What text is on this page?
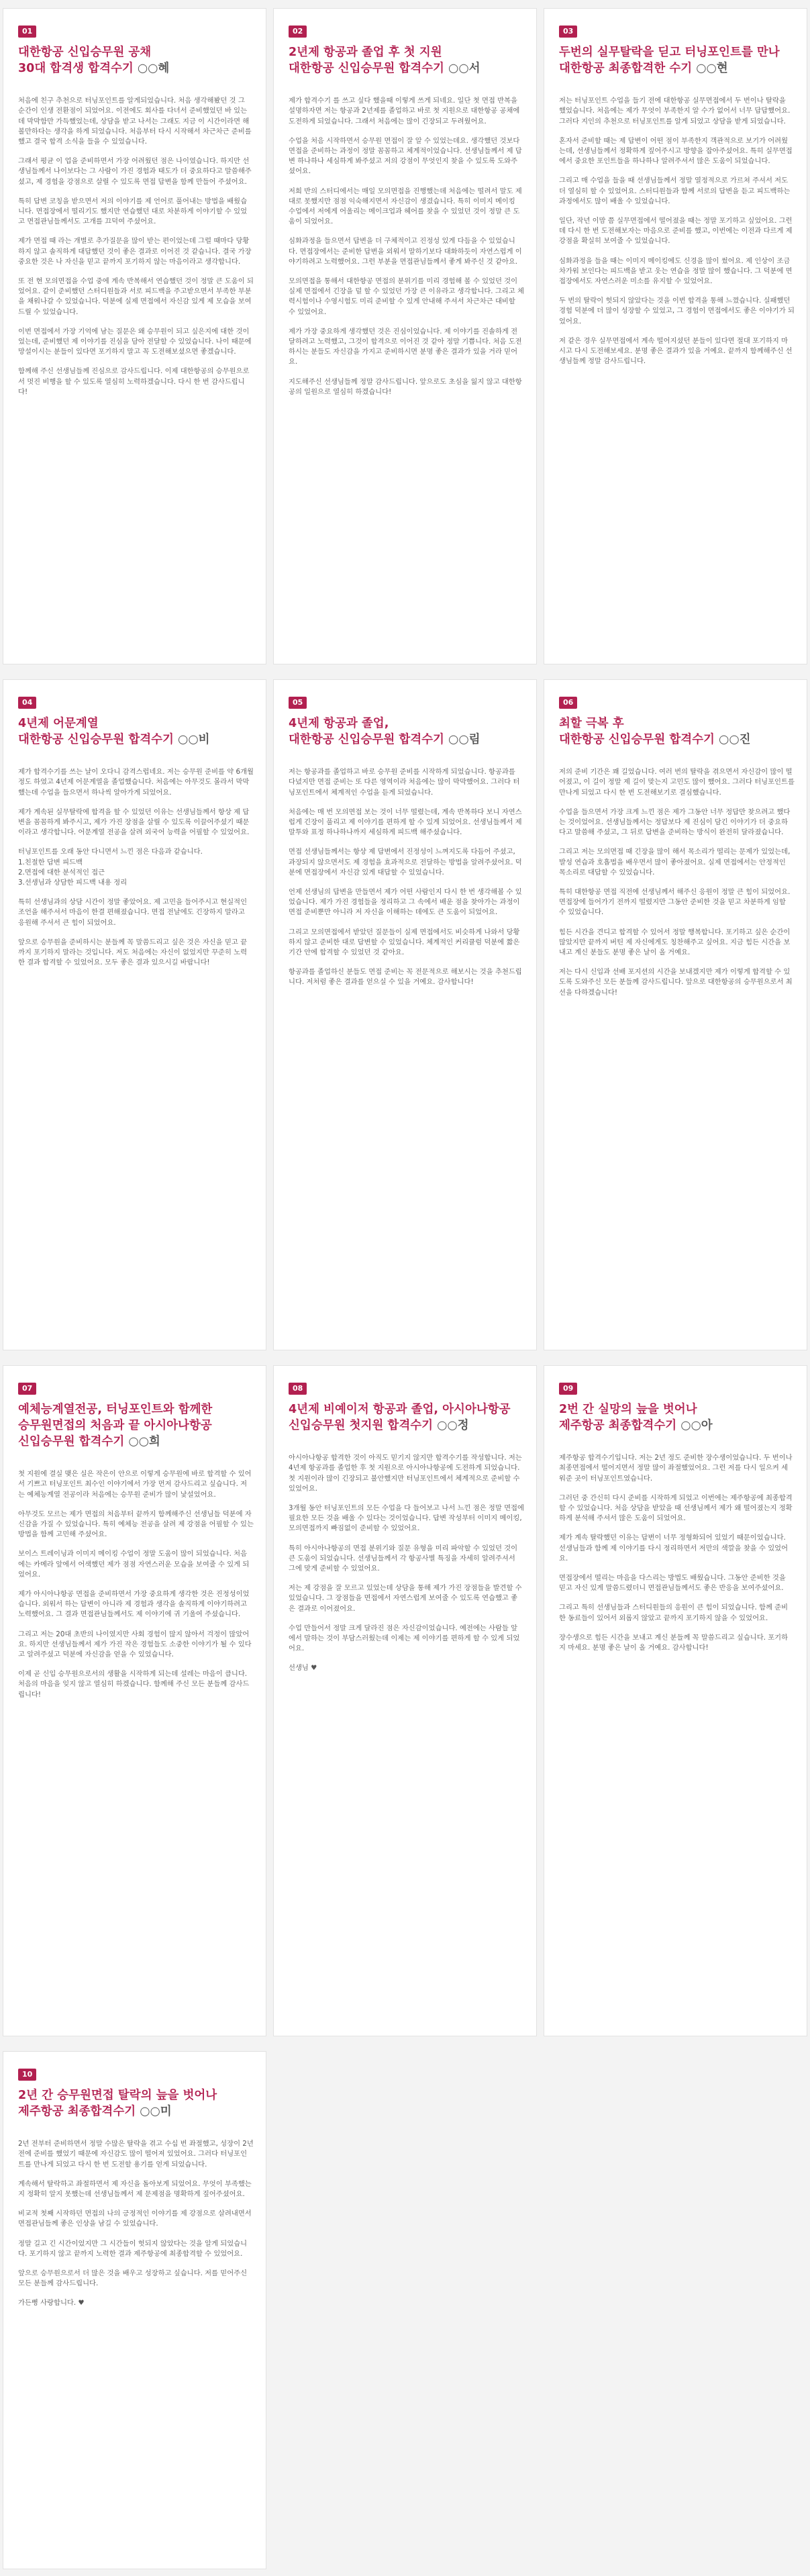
01
대한항공 신입승무원 공채
30대 합격생 합격수기 ○○혜

처음에 친구 추천으로 터닝포인트를 알게되었습니다. 처음 생각해봤던 것 그 순간이 인생 전환점이 되었어요. 이전에도 회사를 다녀서 준비했었던 바 있는데 막막함만 가득했었는데, 상담을 받고 나서는 그래도 지금 이 시간이라면 해볼만하다는 생각을 하게 되었습니다. 처음부터 다시 시작해서 차근차근 준비를 했고 결국 합격 소식을 들을 수 있었습니다.

그래서 평균 이 업을 준비하면서 가장 어려웠던 점은 나이였습니다. 하지만 선생님들께서 나이보다는 그 사람이 가진 경험과 태도가 더 중요하다고 말씀해주셨고, 제 경험을 강점으로 살릴 수 있도록 면접 답변을 함께 만들어 주셨어요.

특히 답변 코칭을 받으면서 저의 이야기를 제 언어로 풀어내는 방법을 배웠습니다. 면접장에서 떨리기도 했지만 연습했던 대로 차분하게 이야기할 수 있었고 면접관님들께서도 고개를 끄덕여 주셨어요.

제가 면접 때 라는 개별로 추가질문을 많이 받는 편이었는데 그럴 때마다 당황하지 않고 솔직하게 대답했던 것이 좋은 결과로 이어진 것 같습니다. 결국 가장 중요한 것은 나 자신을 믿고 끝까지 포기하지 않는 마음이라고 생각합니다.

또 전 현 모의면접을 수업 중에 계속 반복해서 연습했던 것이 정말 큰 도움이 되었어요. 같이 준비했던 스터디원들과 서로 피드백을 주고받으면서 부족한 부분을 채워나갈 수 있었습니다. 덕분에 실제 면접에서 자신감 있게 제 모습을 보여드릴 수 있었습니다.

이번 면접에서 가장 기억에 남는 질문은 왜 승무원이 되고 싶은지에 대한 것이었는데, 준비했던 제 이야기를 진심을 담아 전달할 수 있었습니다. 나이 때문에 망설이시는 분들이 있다면 포기하지 말고 꼭 도전해보셨으면 좋겠습니다.

함께해 주신 선생님들께 진심으로 감사드립니다. 이제 대한항공의 승무원으로서 멋진 비행을 할 수 있도록 열심히 노력하겠습니다. 다시 한 번 감사드립니다!

02
2년제 항공과 졸업 후 첫 지원
대한항공 신입승무원 합격수기 ○○서

제가 합격수기 를 쓰고 싶다 했을때 이렇게 쓰게 되네요. 일단 첫 면접 반복을 설명하자면 저는 항공과 2년제를 졸업하고 바로 첫 지원으로 대한항공 공채에 도전하게 되었습니다. 그래서 처음에는 많이 긴장되고 두려웠어요.

수업을 처음 시작하면서 승무원 면접이 잘 알 수 있었는데요. 생각했던 것보다 면접을 준비하는 과정이 정말 꼼꼼하고 체계적이었습니다. 선생님들께서 제 답변 하나하나 세심하게 봐주셨고 저의 강점이 무엇인지 찾을 수 있도록 도와주셨어요.

저희 반의 스터디에서는 매일 모의면접을 진행했는데 처음에는 떨려서 말도 제대로 못했지만 점점 익숙해지면서 자신감이 생겼습니다. 특히 이미지 메이킹 수업에서 저에게 어울리는 메이크업과 헤어를 찾을 수 있었던 것이 정말 큰 도움이 되었어요.

심화과정을 들으면서 답변을 더 구체적이고 진정성 있게 다듬을 수 있었습니다. 면접장에서는 준비한 답변을 외워서 말하기보다 대화하듯이 자연스럽게 이야기하려고 노력했어요. 그런 부분을 면접관님들께서 좋게 봐주신 것 같아요.

모의면접을 통해서 대한항공 면접의 분위기를 미리 경험해 볼 수 있었던 것이 실제 면접에서 긴장을 덜 할 수 있었던 가장 큰 이유라고 생각합니다. 그리고 체력시험이나 수영시험도 미리 준비할 수 있게 안내해 주셔서 차근차근 대비할 수 있었어요.

제가 가장 중요하게 생각했던 것은 진심이었습니다. 제 이야기를 진솔하게 전달하려고 노력했고, 그것이 합격으로 이어진 것 같아 정말 기쁩니다. 처음 도전하시는 분들도 자신감을 가지고 준비하시면 분명 좋은 결과가 있을 거라 믿어요.

지도해주신 선생님들께 정말 감사드립니다. 앞으로도 초심을 잃지 않고 대한항공의 일원으로 열심히 하겠습니다!

03
두번의 실무탈락을 딛고 터닝포인트를 만나
대한항공 최종합격한 수기 ○○현

저는 터닝포인트 수업을 들기 전에 대한항공 실무면접에서 두 번이나 탈락을 했었습니다. 처음에는 제가 무엇이 부족한지 알 수가 없어서 너무 답답했어요. 그러다 지인의 추천으로 터닝포인트를 알게 되었고 상담을 받게 되었습니다.

혼자서 준비할 때는 제 답변이 어떤 점이 부족한지 객관적으로 보기가 어려웠는데, 선생님들께서 정확하게 짚어주시고 방향을 잡아주셨어요. 특히 실무면접에서 중요한 포인트들을 하나하나 알려주셔서 많은 도움이 되었습니다.

그리고 매 수업을 들을 때 선생님들께서 정말 열정적으로 가르쳐 주셔서 저도 더 열심히 할 수 있었어요. 스터디원들과 함께 서로의 답변을 듣고 피드백하는 과정에서도 많이 배울 수 있었습니다.

일단, 작년 이맘 쯤 실무면접에서 떨어졌을 때는 정말 포기하고 싶었어요. 그런데 다시 한 번 도전해보자는 마음으로 준비를 했고, 이번에는 이전과 다르게 제 강점을 확실히 보여줄 수 있었습니다.

심화과정을 들을 때는 이미지 메이킹에도 신경을 많이 썼어요. 제 인상이 조금 차가워 보인다는 피드백을 받고 웃는 연습을 정말 많이 했습니다. 그 덕분에 면접장에서도 자연스러운 미소를 유지할 수 있었어요.

두 번의 탈락이 헛되지 않았다는 것을 이번 합격을 통해 느꼈습니다. 실패했던 경험 덕분에 더 많이 성장할 수 있었고, 그 경험이 면접에서도 좋은 이야기가 되었어요.

저 같은 경우 실무면접에서 계속 떨어지셨던 분들이 있다면 절대 포기하지 마시고 다시 도전해보세요. 분명 좋은 결과가 있을 거예요. 끝까지 함께해주신 선생님들께 정말 감사드립니다.

04
4년제 어문계열
대한항공 신입승무원 합격수기 ○○비

제가 합격수기를 쓰는 날이 오다니 감격스럽네요. 저는 승무원 준비를 약 6개월 정도 하였고 4년제 어문계열을 졸업했습니다. 처음에는 아무것도 몰라서 막막했는데 수업을 들으면서 하나씩 알아가게 되었어요.

제가 계속된 실무탈락에 합격을 할 수 있었던 이유는 선생님들께서 항상 제 답변을 꼼꼼하게 봐주시고, 제가 가진 장점을 살릴 수 있도록 이끌어주셨기 때문이라고 생각합니다. 어문계열 전공을 살려 외국어 능력을 어필할 수 있었어요.

터닝포인트를 오래 동안 다니면서 느낀 점은 다음과 같습니다.
1.친절한 답변 피드백
2.면접에 대한 분석적인 접근
3.선생님과 상담한 피드백 내용 정리

특히 선생님과의 상담 시간이 정말 좋았어요. 제 고민을 들어주시고 현실적인 조언을 해주셔서 마음이 한결 편해졌습니다. 면접 전날에도 긴장하지 말라고 응원해 주셔서 큰 힘이 되었어요.

앞으로 승무원을 준비하시는 분들께 꼭 말씀드리고 싶은 것은 자신을 믿고 끝까지 포기하지 말라는 것입니다. 저도 처음에는 자신이 없었지만 꾸준히 노력한 결과 합격할 수 있었어요. 모두 좋은 결과 있으시길 바랍니다!

05
4년제 항공과 졸업,
대한항공 신입승무원 합격수기 ○○림

저는 항공과를 졸업하고 바로 승무원 준비를 시작하게 되었습니다. 항공과를 다녔지만 면접 준비는 또 다른 영역이라 처음에는 많이 막막했어요. 그러다 터닝포인트에서 체계적인 수업을 듣게 되었습니다.

처음에는 매 번 모의면접 보는 것이 너무 떨렸는데, 계속 반복하다 보니 자연스럽게 긴장이 풀리고 제 이야기를 편하게 할 수 있게 되었어요. 선생님들께서 제 말투와 표정 하나하나까지 세심하게 피드백 해주셨습니다.

면접 선생님들께서는 항상 제 답변에서 진정성이 느껴지도록 다듬어 주셨고, 과장되지 않으면서도 제 경험을 효과적으로 전달하는 방법을 알려주셨어요. 덕분에 면접장에서 자신감 있게 대답할 수 있었습니다.

언제 선생님의 답변을 만들면서 제가 어떤 사람인지 다시 한 번 생각해볼 수 있었습니다. 제가 가진 경험들을 정리하고 그 속에서 배운 점을 찾아가는 과정이 면접 준비뿐만 아니라 저 자신을 이해하는 데에도 큰 도움이 되었어요.

그리고 모의면접에서 받았던 질문들이 실제 면접에서도 비슷하게 나와서 당황하지 않고 준비한 대로 답변할 수 있었습니다. 체계적인 커리큘럼 덕분에 짧은 기간 안에 합격할 수 있었던 것 같아요.

항공과를 졸업하신 분들도 면접 준비는 꼭 전문적으로 해보시는 것을 추천드립니다. 저처럼 좋은 결과를 얻으실 수 있을 거예요. 감사합니다!

06
최할 극복 후
대한항공 신입승무원 합격수기 ○○진

저의 준비 기간은 꽤 길었습니다. 여러 번의 탈락을 겪으면서 자신감이 많이 떨어졌고, 이 길이 정말 제 길이 맞는지 고민도 많이 했어요. 그러다 터닝포인트를 만나게 되었고 다시 한 번 도전해보기로 결심했습니다.

수업을 들으면서 가장 크게 느낀 점은 제가 그동안 너무 정답만 찾으려고 했다는 것이었어요. 선생님들께서는 정답보다 제 진심이 담긴 이야기가 더 중요하다고 말씀해 주셨고, 그 뒤로 답변을 준비하는 방식이 완전히 달라졌습니다.

그리고 저는 모의면접 때 긴장을 많이 해서 목소리가 떨리는 문제가 있었는데, 발성 연습과 호흡법을 배우면서 많이 좋아졌어요. 실제 면접에서는 안정적인 목소리로 대답할 수 있었습니다.

특히 대한항공 면접 직전에 선생님께서 해주신 응원이 정말 큰 힘이 되었어요. 면접장에 들어가기 전까지 떨렸지만 그동안 준비한 것을 믿고 차분하게 임할 수 있었습니다.

힘든 시간을 견디고 합격할 수 있어서 정말 행복합니다. 포기하고 싶은 순간이 많았지만 끝까지 버틴 제 자신에게도 칭찬해주고 싶어요. 지금 힘든 시간을 보내고 계신 분들도 분명 좋은 날이 올 거예요.

저는 다시 신입과 선배 포지션의 시간을 보내겠지만 제가 이렇게 합격할 수 있도록 도와주신 모든 분들께 감사드립니다. 앞으로 대한항공의 승무원으로서 최선을 다하겠습니다!

07
예체능계열전공, 터닝포인트와 함께한
승무원면접의 처음과 끝 아시아나항공
신입승무원 합격수기 ○○희

첫 지원에 결실 맺은 실은 작은이 안으로 이렇게 승무원에 바로 합격할 수 있어서 기쁘고 터닝포인트 최수인 이야기에서 가장 먼저 감사드리고 싶습니다. 저는 예체능계열 전공이라 처음에는 승무원 준비가 많이 낯설었어요.

아무것도 모르는 제가 면접의 처음부터 끝까지 함께해주신 선생님들 덕분에 자신감을 가질 수 있었습니다. 특히 예체능 전공을 살려 제 강점을 어필할 수 있는 방법을 함께 고민해 주셨어요.

보이스 트레이닝과 이미지 메이킹 수업이 정말 도움이 많이 되었습니다. 처음에는 카메라 앞에서 어색했던 제가 점점 자연스러운 모습을 보여줄 수 있게 되었어요.

제가 아시아나항공 면접을 준비하면서 가장 중요하게 생각한 것은 진정성이었습니다. 외워서 하는 답변이 아니라 제 경험과 생각을 솔직하게 이야기하려고 노력했어요. 그 결과 면접관님들께서도 제 이야기에 귀 기울여 주셨습니다.

그리고 저는 20대 초반의 나이였지만 사회 경험이 많지 않아서 걱정이 많았어요. 하지만 선생님들께서 제가 가진 작은 경험들도 소중한 이야기가 될 수 있다고 알려주셨고 덕분에 자신감을 얻을 수 있었습니다.

이제 곧 신입 승무원으로서의 생활을 시작하게 되는데 설레는 마음이 큽니다. 처음의 마음을 잊지 않고 열심히 하겠습니다. 함께해 주신 모든 분들께 감사드립니다!

08
4년제 비예이저 항공과 졸업, 아시아나항공
신입승무원 첫지원 합격수기 ○○정

아시아나항공 합격한 것이 아직도 믿기지 않지만 합격수기를 작성합니다. 저는 4년제 항공과를 졸업한 후 첫 지원으로 아시아나항공에 도전하게 되었습니다. 첫 지원이라 많이 긴장되고 불안했지만 터닝포인트에서 체계적으로 준비할 수 있었어요.

3개월 동안 터닝포인트의 모든 수업을 다 들어보고 나서 느낀 점은 정말 면접에 필요한 모든 것을 배울 수 있다는 것이었습니다. 답변 작성부터 이미지 메이킹, 모의면접까지 빠짐없이 준비할 수 있었어요.

특히 아시아나항공의 면접 분위기와 질문 유형을 미리 파악할 수 있었던 것이 큰 도움이 되었습니다. 선생님들께서 각 항공사별 특징을 자세히 알려주셔서 그에 맞게 준비할 수 있었어요.

저는 제 강점을 잘 모르고 있었는데 상담을 통해 제가 가진 장점들을 발견할 수 있었습니다. 그 장점들을 면접에서 자연스럽게 보여줄 수 있도록 연습했고 좋은 결과로 이어졌어요.

수업 만들어서 정말 크게 달라진 점은 자신감이었습니다. 예전에는 사람들 앞에서 말하는 것이 부담스러웠는데 이제는 제 이야기를 편하게 할 수 있게 되었어요.

선생님 ♥

09
2번 간 실망의 늪을 벗어나
제주항공 최종합격수기 ○○아

제주항공 합격수기입니다. 저는 2년 정도 준비한 장수생이었습니다. 두 번이나 최종면접에서 떨어지면서 정말 많이 좌절했었어요. 그런 저를 다시 일으켜 세워준 곳이 터닝포인트였습니다.

그러던 중 간신히 다시 준비를 시작하게 되었고 이번에는 제주항공에 최종합격할 수 있었습니다. 처음 상담을 받았을 때 선생님께서 제가 왜 떨어졌는지 정확하게 분석해 주셔서 많은 도움이 되었어요.

제가 계속 탈락했던 이유는 답변이 너무 정형화되어 있었기 때문이었습니다. 선생님들과 함께 제 이야기를 다시 정리하면서 저만의 색깔을 찾을 수 있었어요.

면접장에서 떨리는 마음을 다스리는 방법도 배웠습니다. 그동안 준비한 것을 믿고 자신 있게 말씀드렸더니 면접관님들께서도 좋은 반응을 보여주셨어요.

그리고 특히 선생님들과 스터디원들의 응원이 큰 힘이 되었습니다. 함께 준비한 동료들이 있어서 외롭지 않았고 끝까지 포기하지 않을 수 있었어요.

장수생으로 힘든 시간을 보내고 계신 분들께 꼭 말씀드리고 싶습니다. 포기하지 마세요. 분명 좋은 날이 올 거예요. 감사합니다!

10
2년 간 승무원면접 탈락의 늪을 벗어나
제주항공 최종합격수기 ○○미

2년 전부터 준비하면서 정말 수많은 탈락을 겪고 수십 번 좌절했고, 성장이 2년 전에 준비를 했었기 때문에 자신감도 많이 떨어져 있었어요. 그러다 터닝포인트를 만나게 되었고 다시 한 번 도전할 용기를 얻게 되었습니다.

계속해서 탈락하고 좌절하면서 제 자신을 돌아보게 되었어요. 무엇이 부족했는지 정확히 알지 못했는데 선생님들께서 제 문제점을 명확하게 짚어주셨어요.

비교적 첫째 시작하던 면접의 나의 긍정적인 이야기를 제 강점으로 살려내면서 면접관님들께 좋은 인상을 남길 수 있었습니다.

정말 길고 긴 시간이었지만 그 시간들이 헛되지 않았다는 것을 알게 되었습니다. 포기하지 않고 끝까지 노력한 결과 제주항공에 최종합격할 수 있었어요.

앞으로 승무원으로서 더 많은 것을 배우고 성장하고 싶습니다. 저를 믿어주신 모든 분들께 감사드립니다.

가든뻥 사랑합니다. ♥
